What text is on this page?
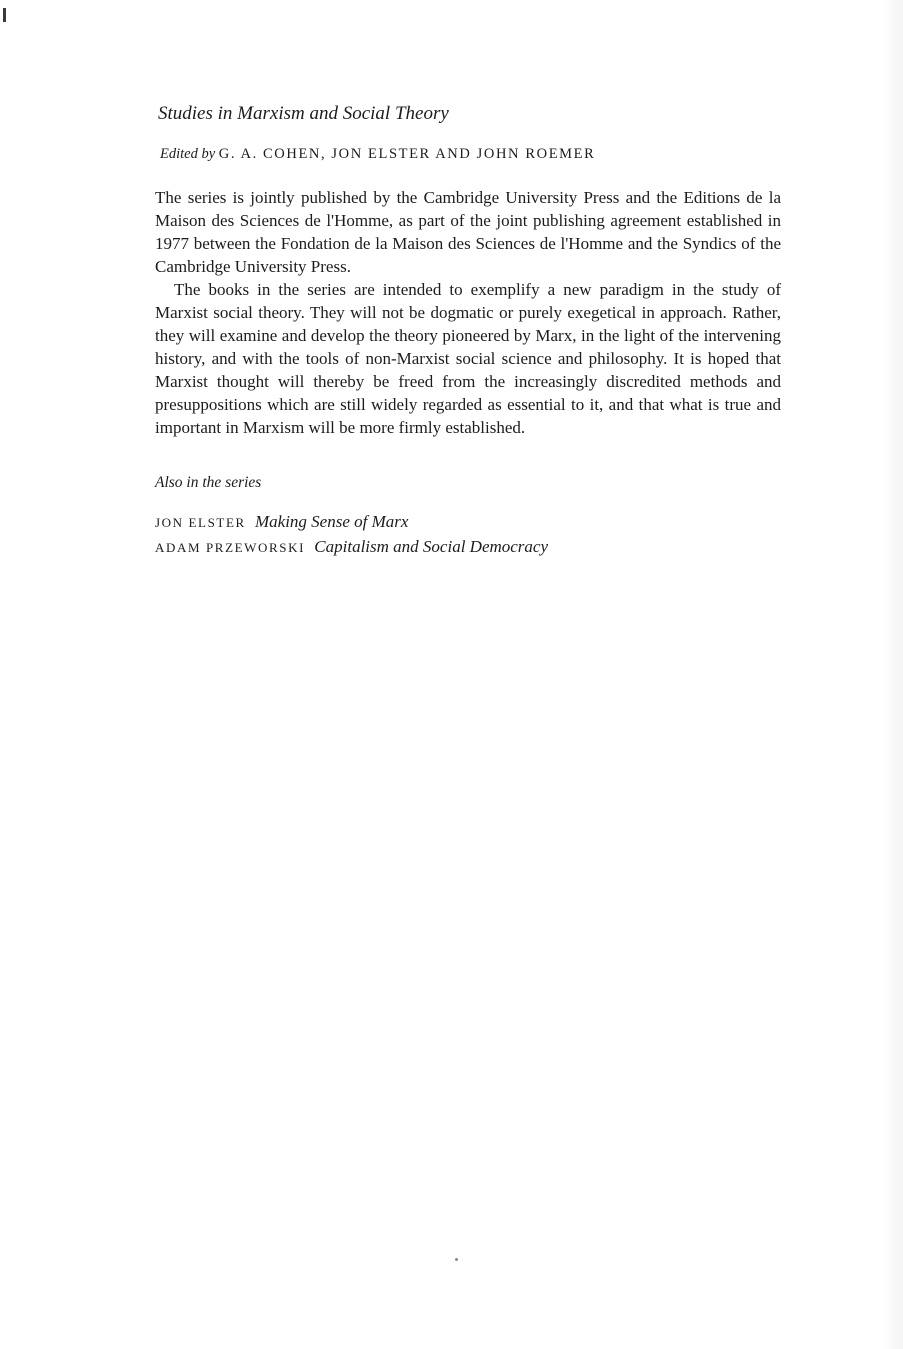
Studies in Marxism and Social Theory
Edited by G. A. COHEN, JON ELSTER AND JOHN ROEMER

The series is jointly published by the Cambridge University Press and the Editions de la Maison des Sciences de l'Homme, as part of the joint publishing agreement established in 1977 between the Fondation de la Maison des Sciences de l'Homme and the Syndics of the Cambridge University Press.

The books in the series are intended to exemplify a new paradigm in the study of Marxist social theory. They will not be dogmatic or purely exegetical in approach. Rather, they will examine and develop the theory pioneered by Marx, in the light of the intervening history, and with the tools of non-Marxist social science and philosophy. It is hoped that Marxist thought will thereby be freed from the increasingly discredited methods and presuppositions which are still widely regarded as essential to it, and that what is true and important in Marxism will be more firmly established.

Also in the series
JON ELSTER Making Sense of Marx
ADAM PRZEWORSKI Capitalism and Social Democracy
